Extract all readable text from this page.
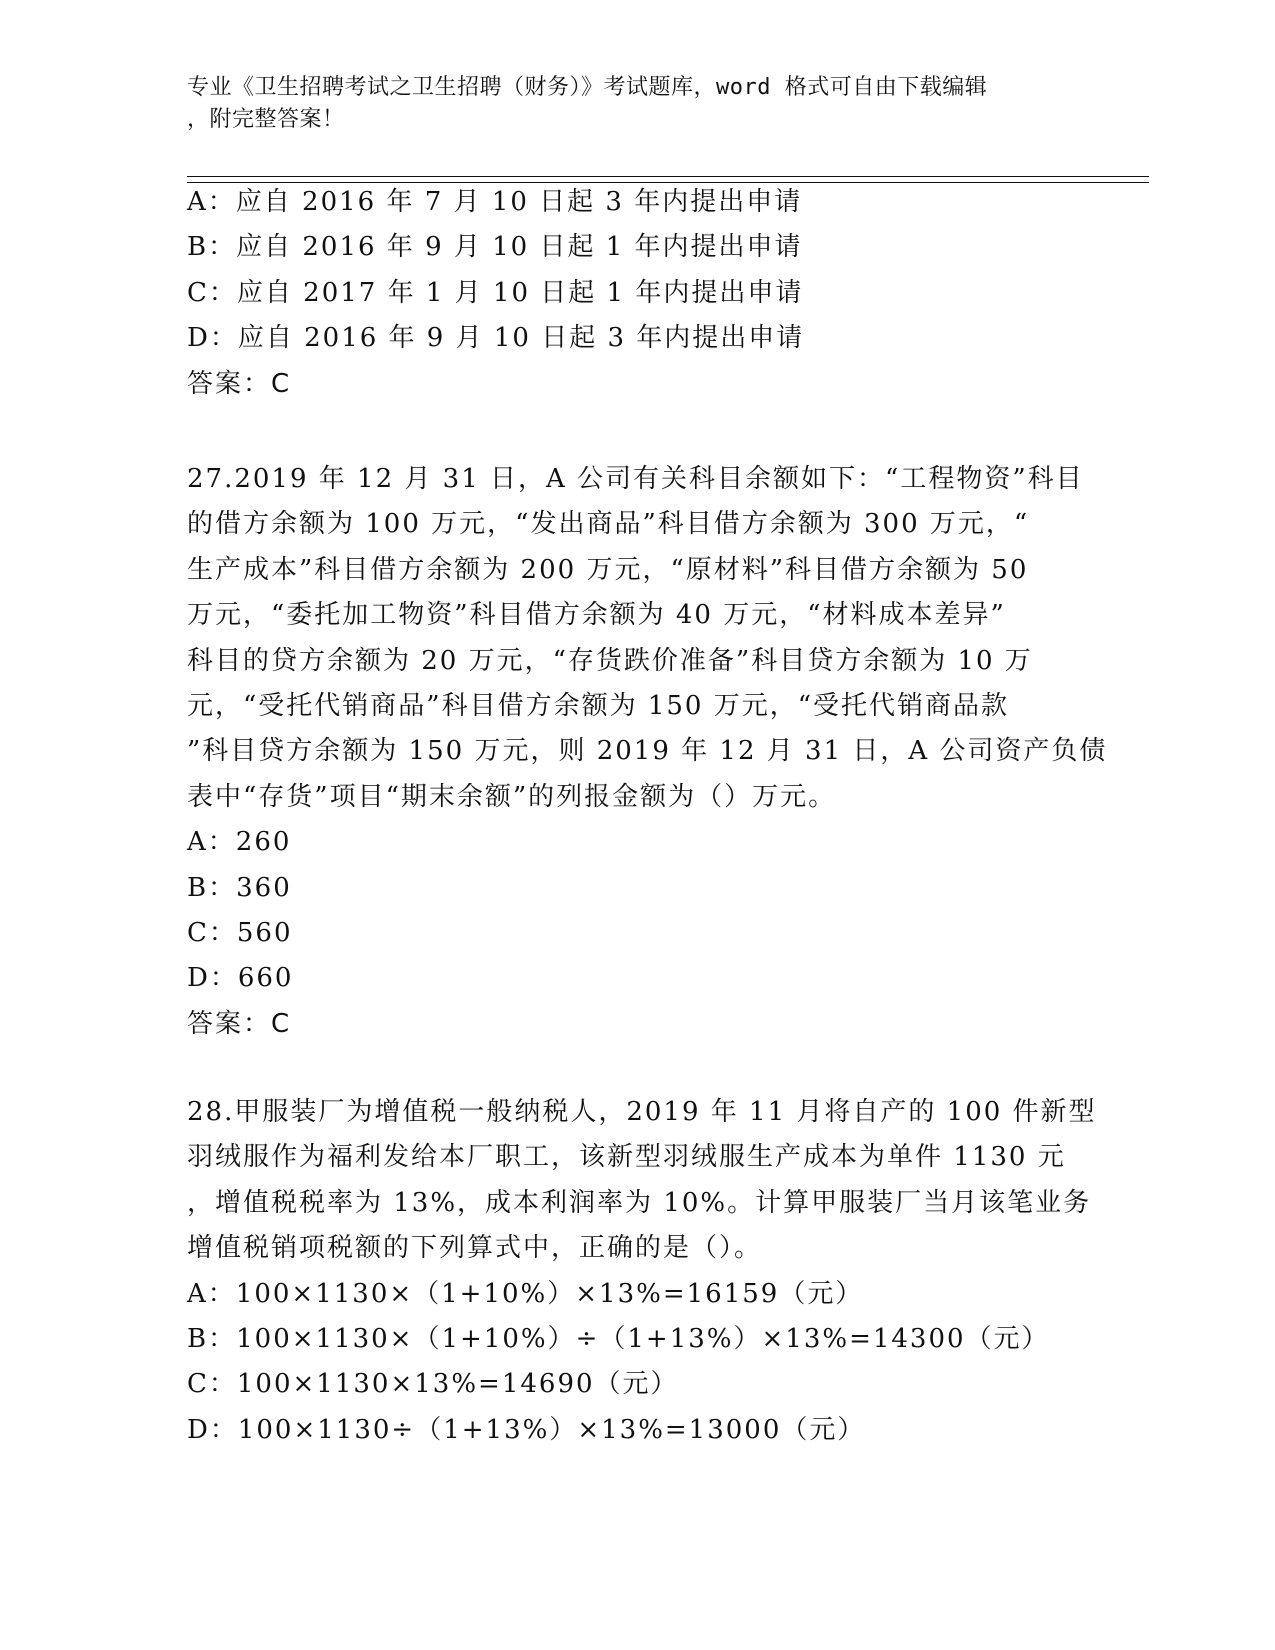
专业《卫生招聘考试之卫生招聘（财务）》考试题库，word 格式可自由下载编辑
，附完整答案！
A：应自 2016 年 7 月 10 日起 3 年内提出申请
B：应自 2016 年 9 月 10 日起 1 年内提出申请
C：应自 2017 年 1 月 10 日起 1 年内提出申请
D：应自 2016 年 9 月 10 日起 3 年内提出申请
答案：C
27.2019 年 12 月 31 日，A 公司有关科目余额如下：“工程物资”科目
的借方余额为 100 万元，“发出商品”科目借方余额为 300 万元，“
生产成本”科目借方余额为 200 万元，“原材料”科目借方余额为 50
万元，“委托加工物资”科目借方余额为 40 万元，“材料成本差异”
科目的贷方余额为 20 万元，“存货跌价准备”科目贷方余额为 10 万
元，“受托代销商品”科目借方余额为 150 万元，“受托代销商品款
”科目贷方余额为 150 万元，则 2019 年 12 月 31 日，A 公司资产负债
表中“存货”项目“期末余额”的列报金额为（）万元。
A：260
B：360
C：560
D：660
答案：C
28.甲服装厂为增值税一般纳税人，2019 年 11 月将自产的 100 件新型
羽绒服作为福利发给本厂职工，该新型羽绒服生产成本为单件 1130 元
，增值税税率为 13%，成本利润率为 10%。计算甲服装厂当月该笔业务
增值税销项税额的下列算式中，正确的是（）。
A：100×1130×（1+10%）×13%=16159（元）
B：100×1130×（1+10%）÷（1+13%）×13%=14300（元）
C：100×1130×13%=14690（元）
D：100×1130÷（1+13%）×13%=13000（元）
